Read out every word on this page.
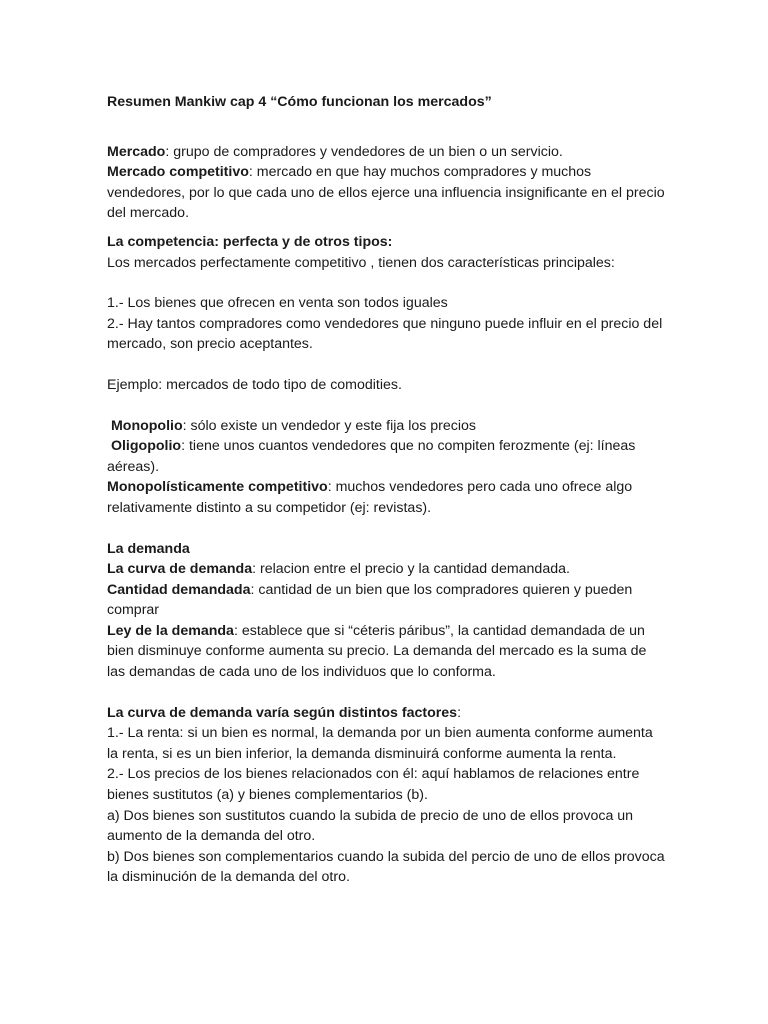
Resumen Mankiw cap 4 “Cómo funcionan los mercados”

Mercado: grupo de compradores y vendedores de un bien o un servicio.

Mercado competitivo: mercado en que hay muchos compradores y muchos vendedores, por lo que cada uno de ellos ejerce una influencia insignificante en el precio del mercado.

La competencia: perfecta y de otros tipos:

Los mercados perfectamente competitivo , tienen dos características principales:

1.- Los bienes que ofrecen en venta son todos iguales

2.- Hay tantos compradores como vendedores que ninguno puede influir en el precio del mercado, son precio aceptantes.

Ejemplo: mercados de todo tipo de comodities.

Monopolio: sólo existe un vendedor y este fija los precios

Oligopolio: tiene unos cuantos vendedores que no compiten ferozmente (ej: líneas aéreas).

Monopolísticamente competitivo: muchos vendedores pero cada uno ofrece algo relativamente distinto a su competidor (ej: revistas).

La demanda

La curva de demanda: relacion entre el precio y la cantidad demandada.

Cantidad demandada: cantidad de un bien que los compradores quieren y pueden comprar

Ley de la demanda: establece que si “céteris páribus”, la cantidad demandada de un bien disminuye conforme aumenta su precio. La demanda del mercado es la suma de las demandas de cada uno de los individuos que lo conforma.

La curva de demanda varía según distintos factores:

1.- La renta: si un bien es normal, la demanda por un bien aumenta conforme aumenta la renta, si es un bien inferior, la demanda disminuirá conforme aumenta la renta.

2.- Los precios de los bienes relacionados con él: aquí hablamos de relaciones entre bienes sustitutos (a) y bienes complementarios (b).

a) Dos bienes son sustitutos cuando la subida de precio de uno de ellos provoca un aumento de la demanda del otro.

b) Dos bienes son complementarios cuando la subida del percio de uno de ellos provoca la disminución de la demanda del otro.
